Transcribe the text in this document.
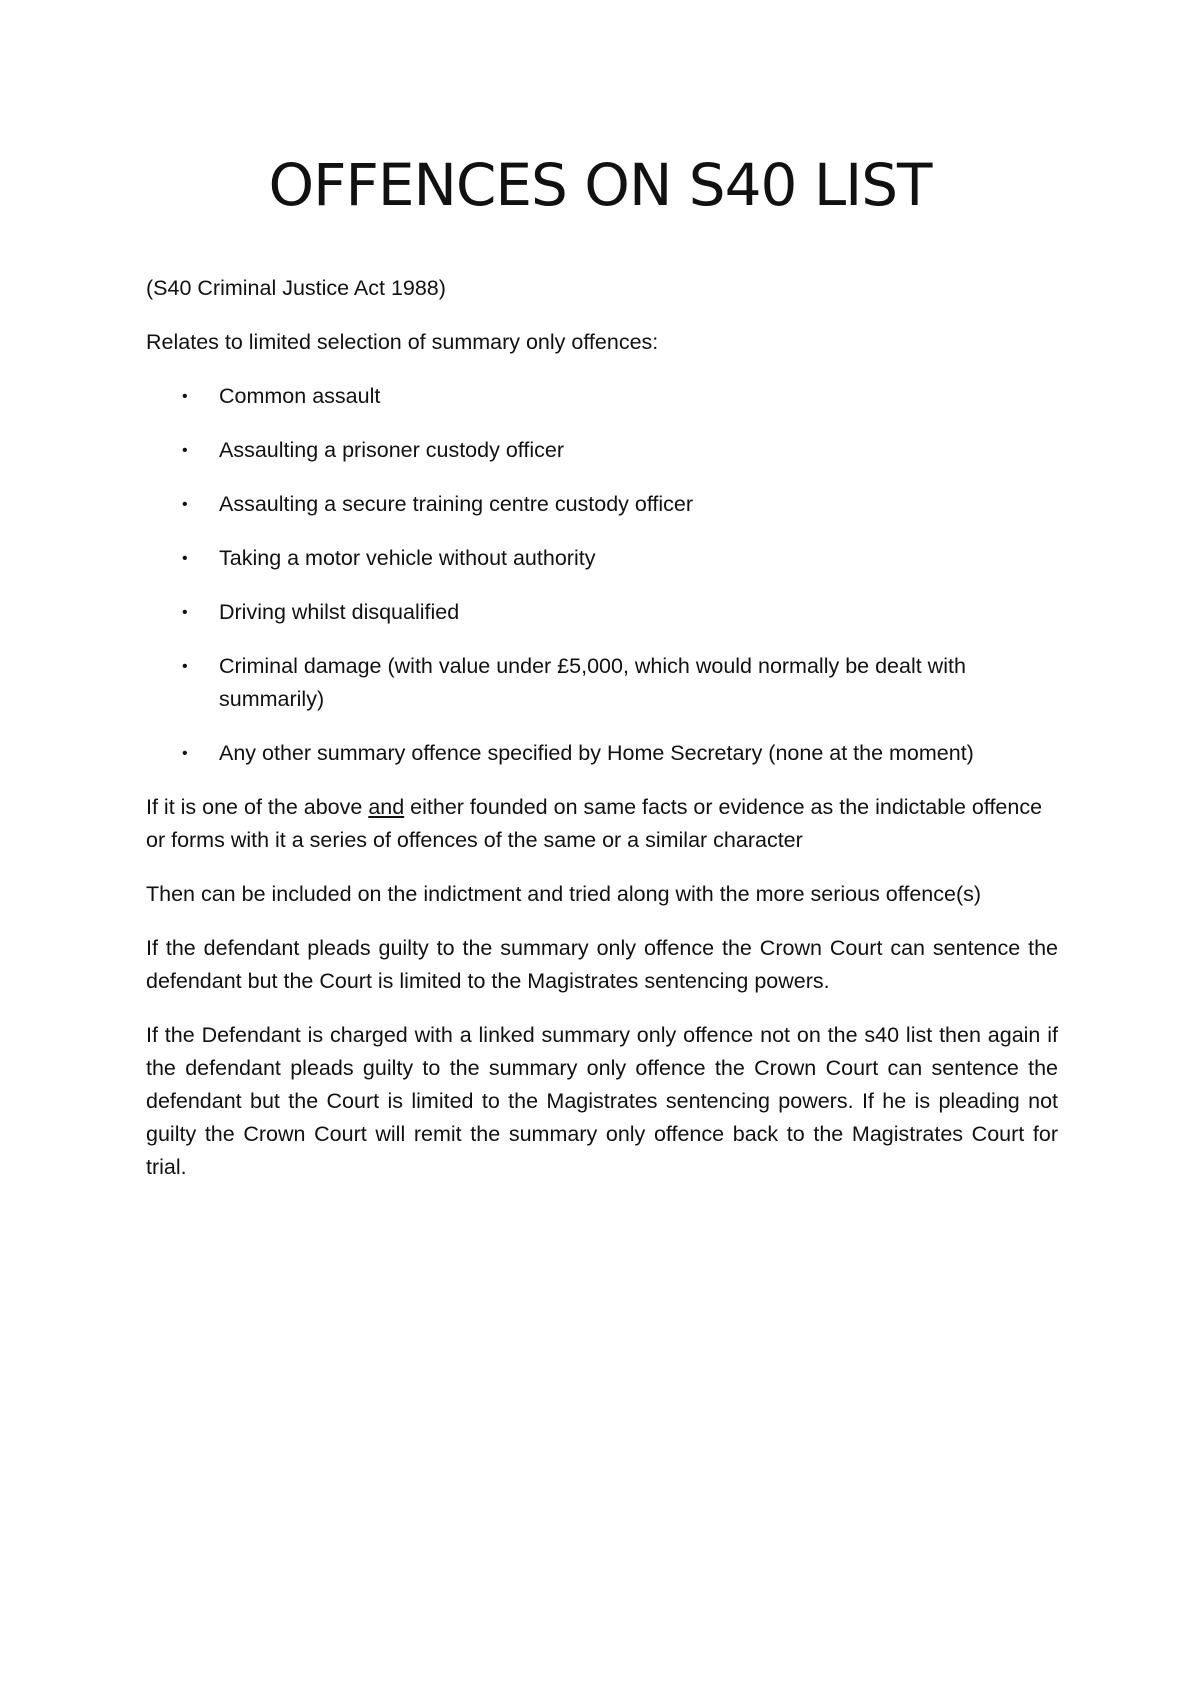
OFFENCES ON S40 LIST

(S40 Criminal Justice Act 1988)

Relates to limited selection of summary only offences:

• Common assault
• Assaulting a prisoner custody officer
• Assaulting a secure training centre custody officer
• Taking a motor vehicle without authority
• Driving whilst disqualified
• Criminal damage (with value under £5,000, which would normally be dealt with summarily)
• Any other summary offence specified by Home Secretary (none at the moment)

If it is one of the above and either founded on same facts or evidence as the indictable offence or forms with it a series of offences of the same or a similar character

Then can be included on the indictment and tried along with the more serious offence(s)

If the defendant pleads guilty to the summary only offence the Crown Court can sentence the defendant but the Court is limited to the Magistrates sentencing powers.

If the Defendant is charged with a linked summary only offence not on the s40 list then again if the defendant pleads guilty to the summary only offence the Crown Court can sentence the defendant but the Court is limited to the Magistrates sentencing powers. If he is pleading not guilty the Crown Court will remit the summary only offence back to the Magistrates Court for trial.
